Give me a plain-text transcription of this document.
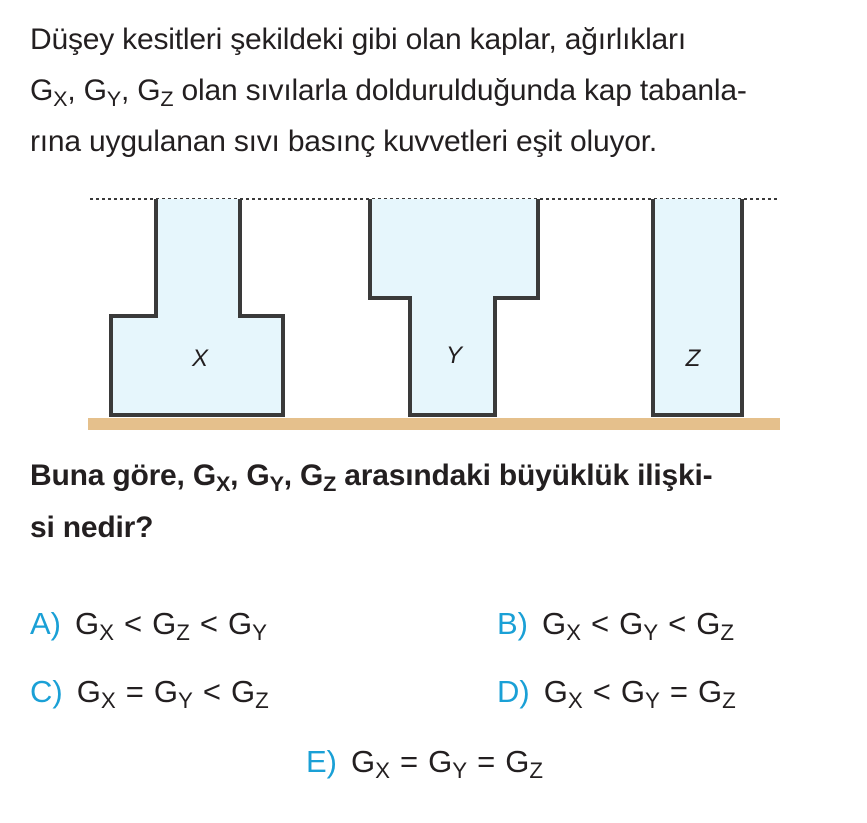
Düşey kesitleri şekildeki gibi olan kaplar, ağırlıkları
$G_X$, $G_Y$, $G_Z$ olan sıvılarla doldurulduğunda kap tabanla-
rına uygulanan sıvı basınç kuvvetleri eşit oluyor.
X	Y	Z
Buna göre, $G_X$, $G_Y$, $G_Z$ arasındaki büyüklük ilişki-
si nedir?
A) $G_X < G_Z < G_Y$	B) $G_X < G_Y < G_Z$
C) $G_X = G_Y < G_Z$	D) $G_X < G_Y = G_Z$
E) $G_X = G_Y = G_Z$
